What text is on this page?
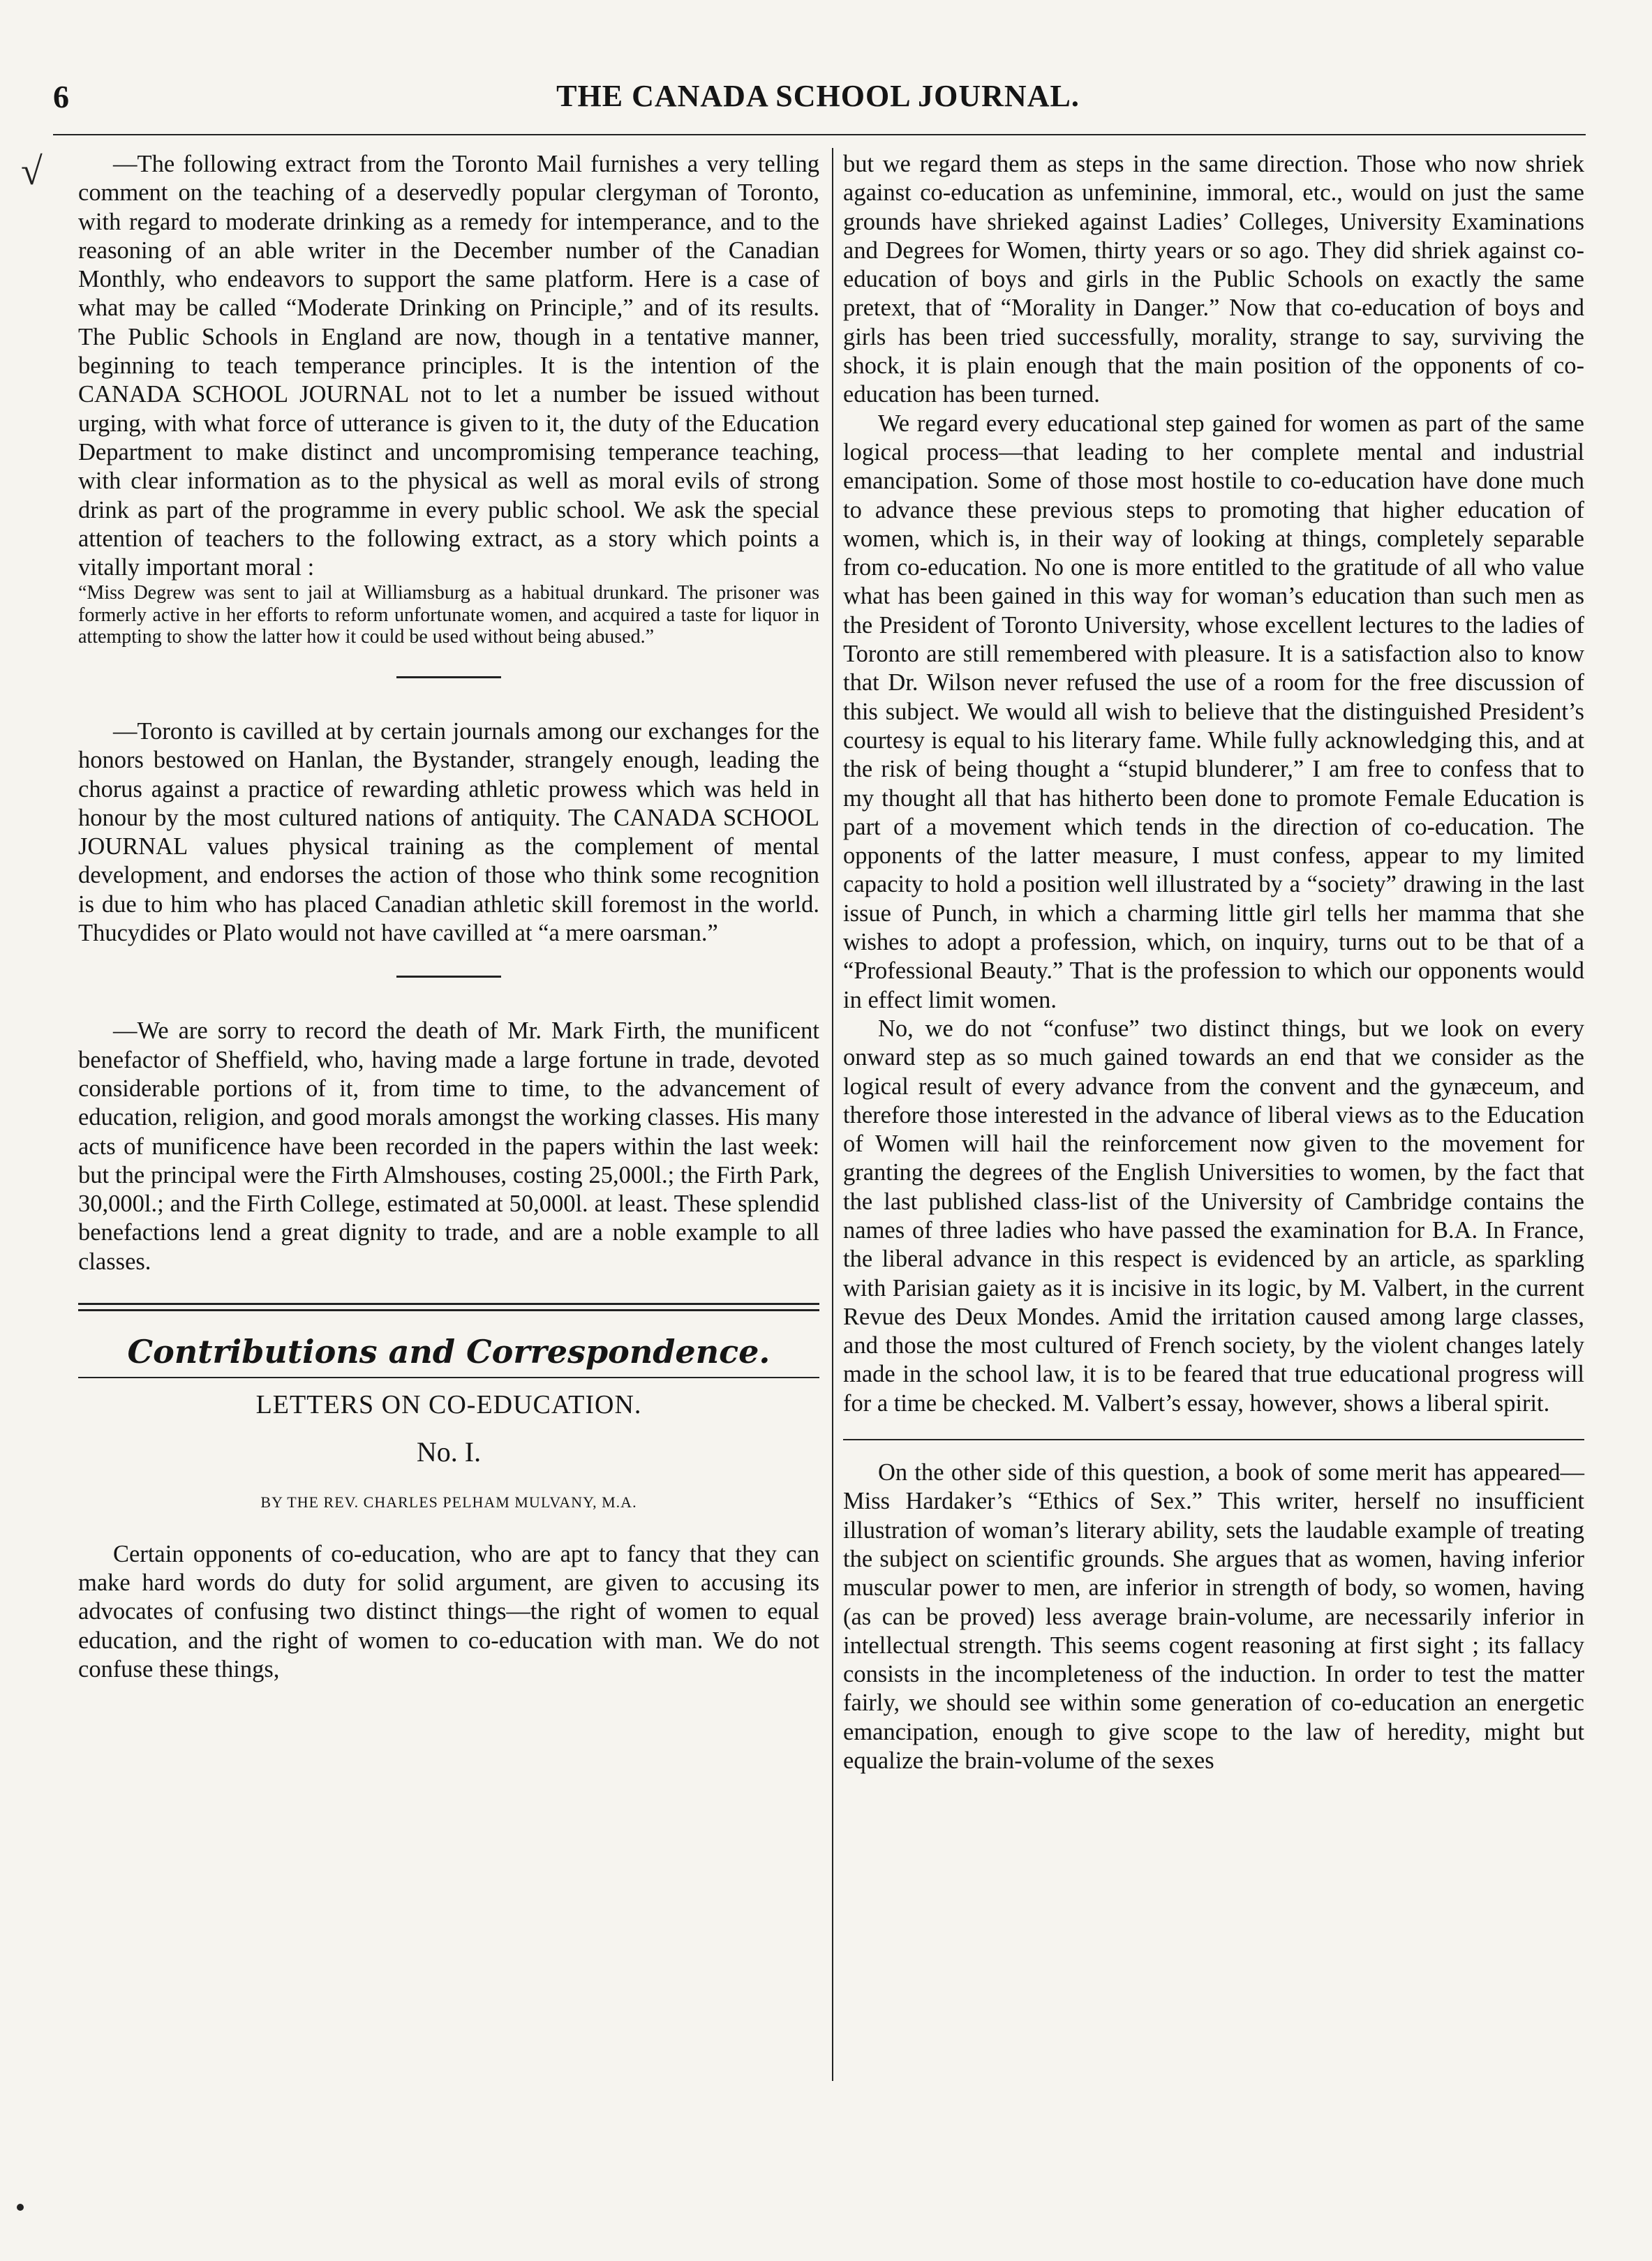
6	THE CANADA SCHOOL JOURNAL.
√	—The following extract from the Toronto Mail furnishes a very telling comment on the teaching of a deservedly popular clergyman of Toronto, with regard to moderate drinking as a remedy for intemperance, and to the reasoning of an able writer in the December number of the Canadian Monthly, who endeavors to support the same platform. Here is a case of what may be called “Moderate Drinking on Principle,” and of its results. The Public Schools in England are now, though in a tentative manner, beginning to teach temperance principles. It is the intention of the CANADA SCHOOL JOURNAL not to let a number be issued without urging, with what force of utterance is given to it, the duty of the Education Department to make distinct and uncompromising temperance teaching, with clear information as to the physical as well as moral evils of strong drink as part of the programme in every public school. We ask the special attention of teachers to the following extract, as a story which points a vitally important moral :

“Miss Degrew was sent to jail at Williamsburg as a habitual drunkard. The prisoner was formerly active in her efforts to reform unfortunate women, and acquired a taste for liquor in attempting to show the latter how it could be used without being abused.”

—Toronto is cavilled at by certain journals among our exchanges for the honors bestowed on Hanlan, the Bystander, strangely enough, leading the chorus against a practice of rewarding athletic prowess which was held in honour by the most cultured nations of antiquity. The CANADA SCHOOL JOURNAL values physical training as the complement of mental development, and endorses the action of those who think some recognition is due to him who has placed Canadian athletic skill foremost in the world. Thucydides or Plato would not have cavilled at “a mere oarsman.”

—We are sorry to record the death of Mr. Mark Firth, the munificent benefactor of Sheffield, who, having made a large fortune in trade, devoted considerable portions of it, from time to time, to the advancement of education, religion, and good morals amongst the working classes. His many acts of munificence have been recorded in the papers within the last week: but the principal were the Firth Almshouses, costing 25,000l.; the Firth Park, 30,000l.; and the Firth College, estimated at 50,000l. at least. These splendid benefactions lend a great dignity to trade, and are a noble example to all classes.

Contributions and Correspondence.
LETTERS ON CO-EDUCATION.
No. I.
BY THE REV. CHARLES PELHAM MULVANY, M.A.

Certain opponents of co-education, who are apt to fancy that they can make hard words do duty for solid argument, are given to accusing its advocates of confusing two distinct things—the right of women to equal education, and the right of women to co-education with man. We do not confuse these things,

but we regard them as steps in the same direction. Those who now shriek against co-education as unfeminine, immoral, etc., would on just the same grounds have shrieked against Ladies’ Colleges, University Examinations and Degrees for Women, thirty years or so ago. They did shriek against co-education of boys and girls in the Public Schools on exactly the same pretext, that of “Morality in Danger.” Now that co-education of boys and girls has been tried successfully, morality, strange to say, surviving the shock, it is plain enough that the main position of the opponents of co-education has been turned.

We regard every educational step gained for women as part of the same logical process—that leading to her complete mental and industrial emancipation. Some of those most hostile to co-education have done much to advance these previous steps to promoting that higher education of women, which is, in their way of looking at things, completely separable from co-education. No one is more entitled to the gratitude of all who value what has been gained in this way for woman’s education than such men as the President of Toronto University, whose excellent lectures to the ladies of Toronto are still remembered with pleasure. It is a satisfaction also to know that Dr. Wilson never refused the use of a room for the free discussion of this subject. We would all wish to believe that the distinguished President’s courtesy is equal to his literary fame. While fully acknowledging this, and at the risk of being thought a “stupid blunderer,” I am free to confess that to my thought all that has hitherto been done to promote Female Education is part of a movement which tends in the direction of co-education. The opponents of the latter measure, I must confess, appear to my limited capacity to hold a position well illustrated by a “society” drawing in the last issue of Punch, in which a charming little girl tells her mamma that she wishes to adopt a profession, which, on inquiry, turns out to be that of a “Professional Beauty.” That is the profession to which our opponents would in effect limit women.

No, we do not “confuse” two distinct things, but we look on every onward step as so much gained towards an end that we consider as the logical result of every advance from the convent and the gynæceum, and therefore those interested in the advance of liberal views as to the Education of Women will hail the reinforcement now given to the movement for granting the degrees of the English Universities to women, by the fact that the last published class-list of the University of Cambridge contains the names of three ladies who have passed the examination for B.A. In France, the liberal advance in this respect is evidenced by an article, as sparkling with Parisian gaiety as it is incisive in its logic, by M. Valbert, in the current Revue des Deux Mondes. Amid the irritation caused among large classes, and those the most cultured of French society, by the violent changes lately made in the school law, it is to be feared that true educational progress will for a time be checked. M. Valbert’s essay, however, shows a liberal spirit.

On the other side of this question, a book of some merit has appeared—Miss Hardaker’s “Ethics of Sex.” This writer, herself no insufficient illustration of woman’s literary ability, sets the laudable example of treating the subject on scientific grounds. She argues that as women, having inferior muscular power to men, are inferior in strength of body, so women, having (as can be proved) less average brain-volume, are necessarily inferior in intellectual strength. This seems cogent reasoning at first sight ; its fallacy consists in the incompleteness of the induction. In order to test the matter fairly, we should see within some generation of co-education an energetic emancipation, enough to give scope to the law of heredity, might but equalize the brain-volume of the sexes
